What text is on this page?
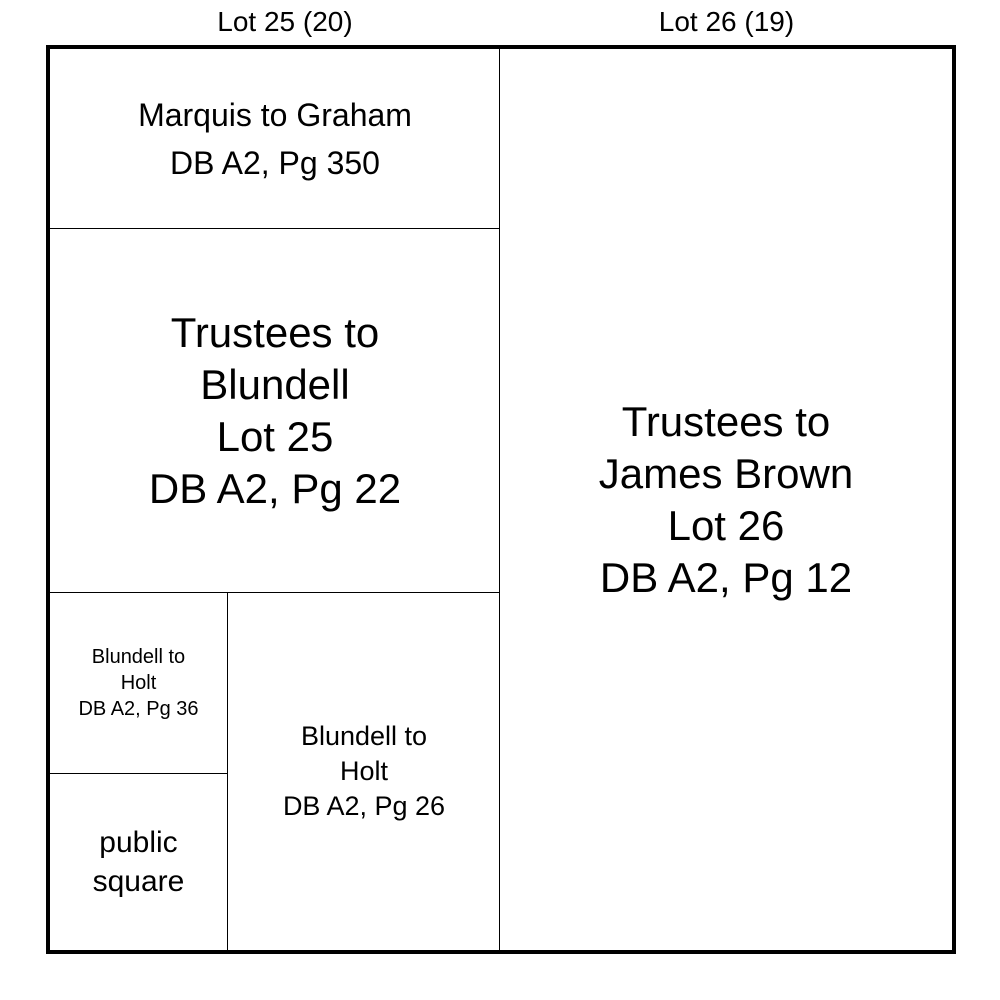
Lot 25 (20)	Lot 26 (19)
Marquis to Graham
DB A2, Pg 350
Trustees to
Blundell
Lot 25
DB A2, Pg 22
Trustees to
James Brown
Lot 26
DB A2, Pg 12
Blundell to
Holt
DB A2, Pg 36
public
square
Blundell to
Holt
DB A2, Pg 26
